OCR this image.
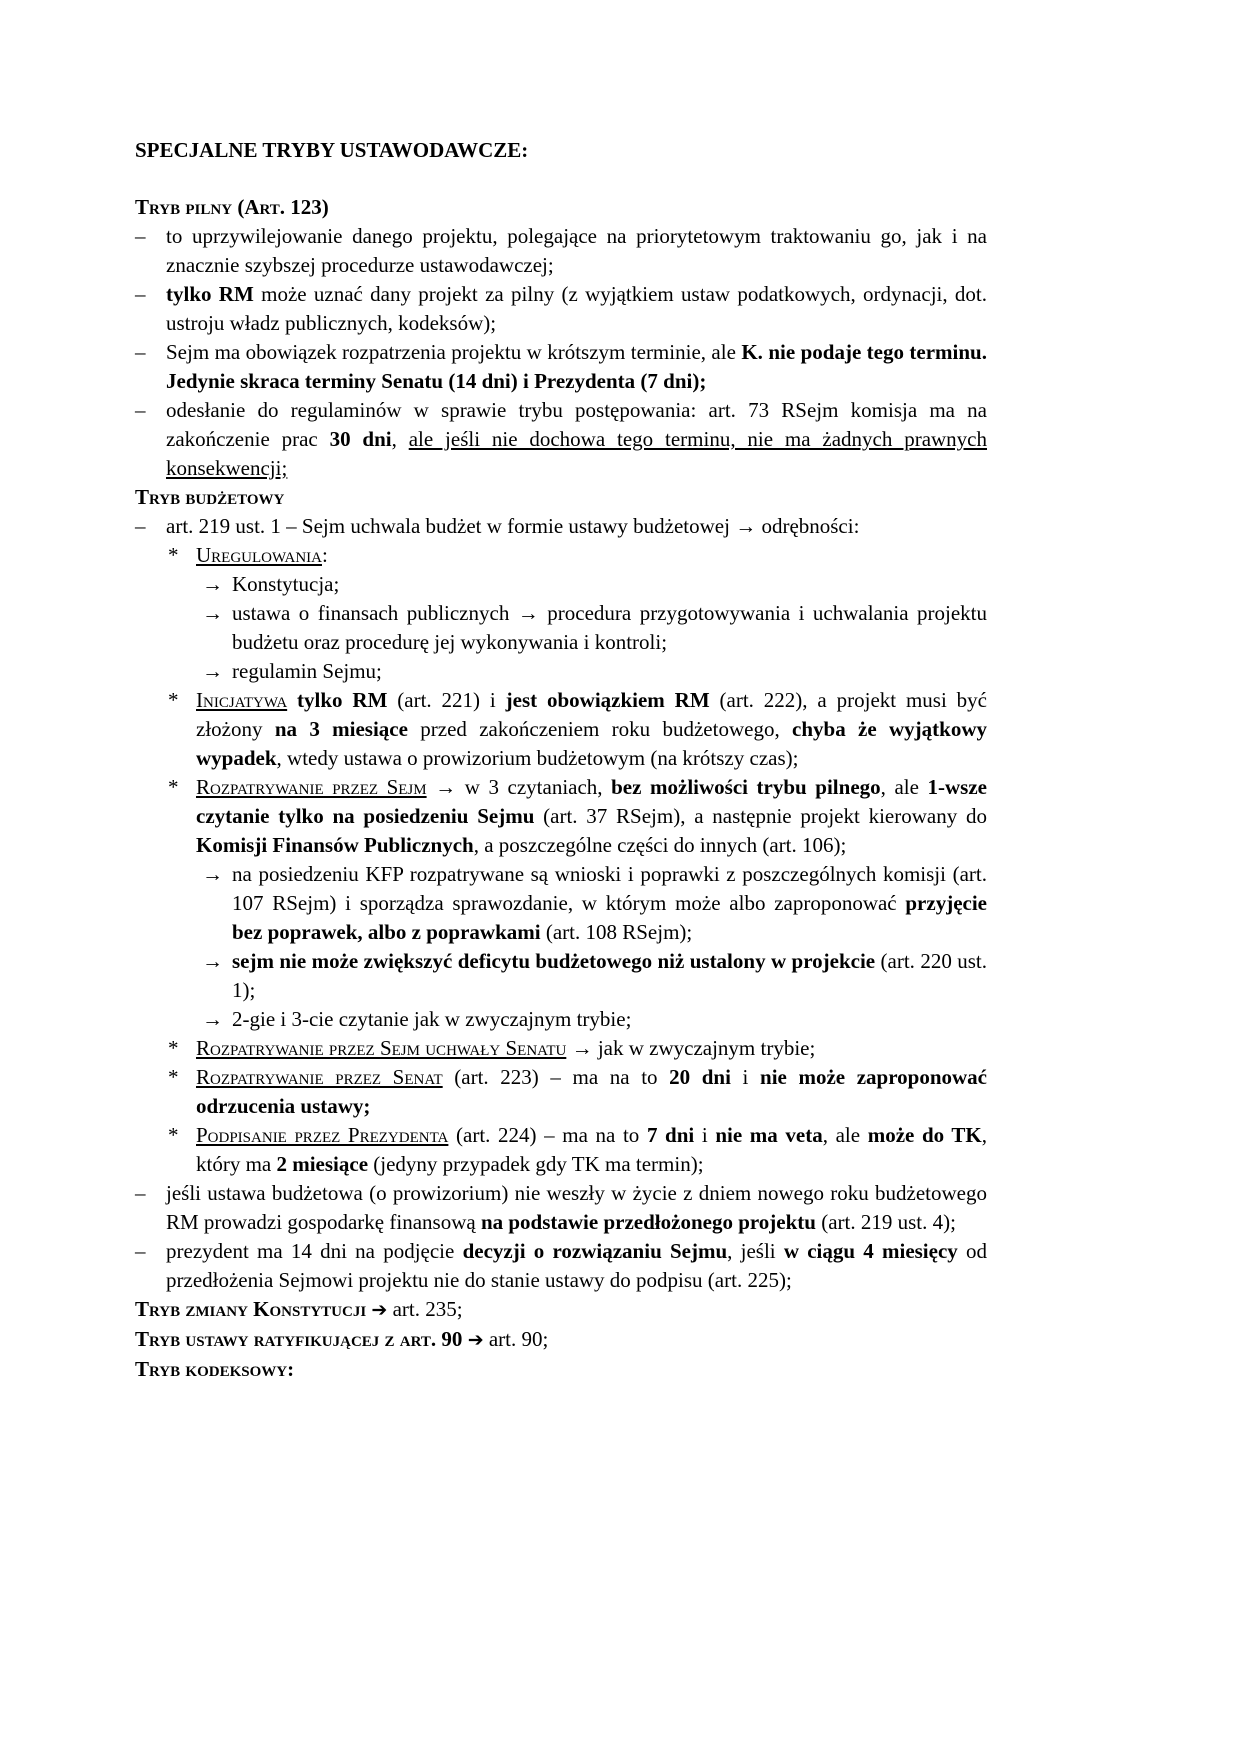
SPECJALNE TRYBY USTAWODAWCZE:
Tryb pilny (Art. 123)
– to uprzywilejowanie danego projektu, polegające na priorytetowym traktowaniu go, jak i na znacznie szybszej procedurze ustawodawczej;
– tylko RM może uznać dany projekt za pilny (z wyjątkiem ustaw podatkowych, ordynacji, dot. ustroju władz publicznych, kodeksów);
– Sejm ma obowiązek rozpatrzenia projektu w krótszym terminie, ale K. nie podaje tego terminu. Jedynie skraca terminy Senatu (14 dni) i Prezydenta (7 dni);
– odesłanie do regulaminów w sprawie trybu postępowania: art. 73 RSejm komisja ma na zakończenie prac 30 dni, ale jeśli nie dochowa tego terminu, nie ma żadnych prawnych konsekwencji;
Tryb budżetowy
– art. 219 ust. 1 – Sejm uchwala budżet w formie ustawy budżetowej → odrębności:
* Uregulowania:
→ Konstytucja;
→ ustawa o finansach publicznych → procedura przygotowywania i uchwalania projektu budżetu oraz procedurę jej wykonywania i kontroli;
→ regulamin Sejmu;
* Inicjatywa tylko RM (art. 221) i jest obowiązkiem RM (art. 222), a projekt musi być złożony na 3 miesiące przed zakończeniem roku budżetowego, chyba że wyjątkowy wypadek, wtedy ustawa o prowizorium budżetowym (na krótszy czas);
* Rozpatrywanie przez Sejm → w 3 czytaniach, bez możliwości trybu pilnego, ale 1-wsze czytanie tylko na posiedzeniu Sejmu (art. 37 RSejm), a następnie projekt kierowany do Komisji Finansów Publicznych, a poszczególne części do innych (art. 106);
→ na posiedzeniu KFP rozpatrywane są wnioski i poprawki z poszczególnych komisji (art. 107 RSejm) i sporządza sprawozdanie, w którym może albo zaproponować przyjęcie bez poprawek, albo z poprawkami (art. 108 RSejm);
→ sejm nie może zwiększyć deficytu budżetowego niż ustalony w projekcie (art. 220 ust. 1);
→ 2-gie i 3-cie czytanie jak w zwyczajnym trybie;
* Rozpatrywanie przez Sejm uchwały Senatu → jak w zwyczajnym trybie;
* Rozpatrywanie przez Senat (art. 223) – ma na to 20 dni i nie może zaproponować odrzucenia ustawy;
* Podpisanie przez Prezydenta (art. 224) – ma na to 7 dni i nie ma veta, ale może do TK, który ma 2 miesiące (jedyny przypadek gdy TK ma termin);
– jeśli ustawa budżetowa (o prowizorium) nie weszły w życie z dniem nowego roku budżetowego RM prowadzi gospodarkę finansową na podstawie przedłożonego projektu (art. 219 ust. 4);
– prezydent ma 14 dni na podjęcie decyzji o rozwiązaniu Sejmu, jeśli w ciągu 4 miesięcy od przedłożenia Sejmowi projektu nie do stanie ustawy do podpisu (art. 225);
Tryb zmiany Konstytucji ➔ art. 235;
Tryb ustawy ratyfikującej z art. 90 ➔ art. 90;
Tryb kodeksowy:
